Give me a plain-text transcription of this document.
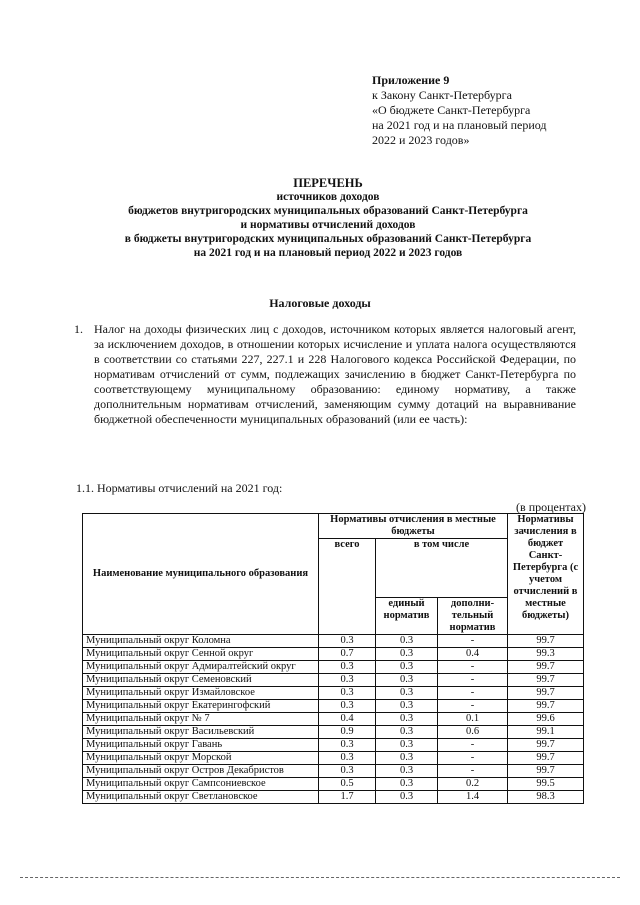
Приложение 9
к Закону Санкт-Петербурга
«О бюджете Санкт-Петербурга
на 2021 год и на плановый период
2022 и 2023 годов»
ПЕРЕЧЕНЬ
источников доходов
бюджетов внутригородских муниципальных образований Санкт-Петербурга
и нормативы отчислений доходов
в бюджеты внутригородских муниципальных образований Санкт-Петербурга
на 2021 год и на плановый период 2022 и 2023 годов
Налоговые доходы
1. Налог на доходы физических лиц с доходов, источником которых является налоговый агент, за исключением доходов, в отношении которых исчисление и уплата налога осуществляются в соответствии со статьями 227, 227.1 и 228 Налогового кодекса Российской Федерации, по нормативам отчислений от сумм, подлежащих зачислению в бюджет Санкт-Петербурга по соответствующему муниципальному образованию: единому нормативу, а также дополнительным нормативам отчислений, заменяющим сумму дотаций на выравнивание бюджетной обеспеченности муниципальных образований (или ее часть):
1.1. Нормативы отчислений на 2021 год:
(в процентах)
Наименование муниципального образования	Нормативы отчисления в местные бюджеты			Нормативы зачисления в бюджет Санкт-Петербурга (с учетом отчислений в местные бюджеты)
	всего	в том числе		
		единый норматив	дополни-тельный норматив	
Муниципальный округ Коломна	0.3	0.3	-	99.7
Муниципальный округ Сенной округ	0.7	0.3	0.4	99.3
Муниципальный округ Адмиралтейский округ	0.3	0.3	-	99.7
Муниципальный округ Семеновский	0.3	0.3	-	99.7
Муниципальный округ Измайловское	0.3	0.3	-	99.7
Муниципальный округ Екатерингофский	0.3	0.3	-	99.7
Муниципальный округ № 7	0.4	0.3	0.1	99.6
Муниципальный округ Васильевский	0.9	0.3	0.6	99.1
Муниципальный округ Гавань	0.3	0.3	-	99.7
Муниципальный округ Морской	0.3	0.3	-	99.7
Муниципальный округ Остров Декабристов	0.3	0.3	-	99.7
Муниципальный округ Сампсониевское	0.5	0.3	0.2	99.5
Муниципальный округ Светлановское	1.7	0.3	1.4	98.3
